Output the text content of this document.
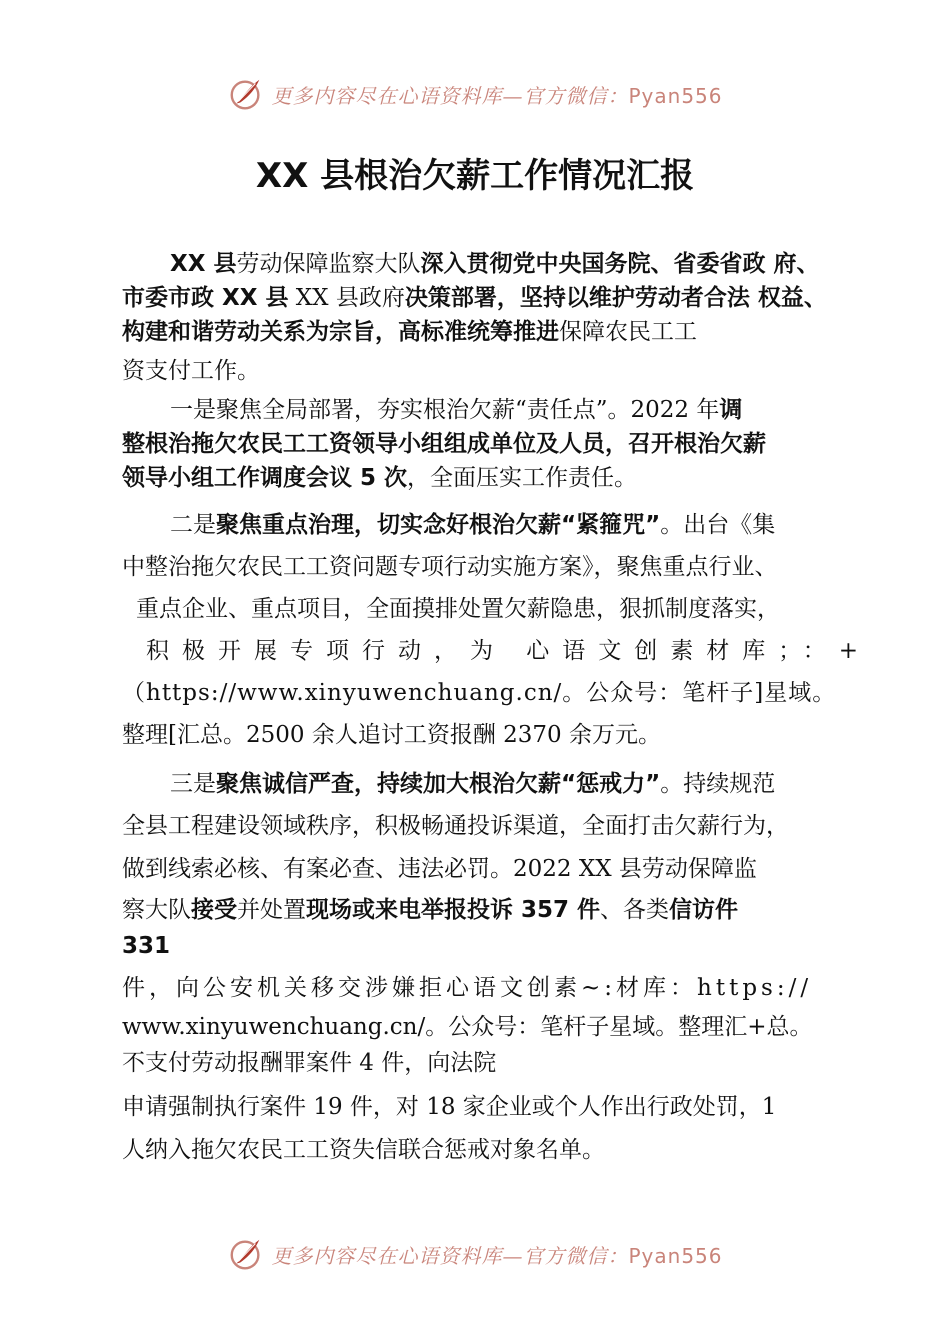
更多内容尽在心语资料库—官方微信：Pyan556
XX 县根治欠薪工作情况汇报
XX 县劳动保障监察大队深入贯彻党中央国务院、省委省政 府、
市委市政 XX 县 XX 县政府决策部署，坚持以维护劳动者合法 权益、
构建和谐劳动关系为宗旨，高标准统筹推进保障农民工工
资支付工作。
一是聚焦全局部署，夯实根治欠薪“责任点”。2022 年调
整根治拖欠农民工工资领导小组组成单位及人员，召开根治欠薪
领导小组工作调度会议 5 次，全面压实工作责任。
二是聚焦重点治理，切实念好根治欠薪“紧箍咒”。出台《集
中整治拖欠农民工工资问题专项行动实施方案》，聚焦重点行业、
重点企业、重点项目，全面摸排处置欠薪隐患，狠抓制度落实，
积极开展专项行动，为 心语文创素材库；：+
（https://www.xinyuwenchuang.cn/。公众号：笔杆子]星域。
整理[汇总。2500 余人追讨工资报酬 2370 余万元。
三是聚焦诚信严查，持续加大根治欠薪“惩戒力”。持续规范
全县工程建设领域秩序，积极畅通投诉渠道，全面打击欠薪行为，
做到线索必核、有案必查、违法必罚。2022 XX 县劳动保障监
察大队接受并处置现场或来电举报投诉 357 件、各类信访件
331
件，向公安机关移交涉嫌拒心语文创素~:材库：https://
www.xinyuwenchuang.cn/。公众号：笔杆子星域。整理汇+总。
不支付劳动报酬罪案件 4 件，向法院
申请强制执行案件 19 件，对 18 家企业或个人作出行政处罚，1
人纳入拖欠农民工工资失信联合惩戒对象名单。
更多内容尽在心语资料库—官方微信：Pyan556
